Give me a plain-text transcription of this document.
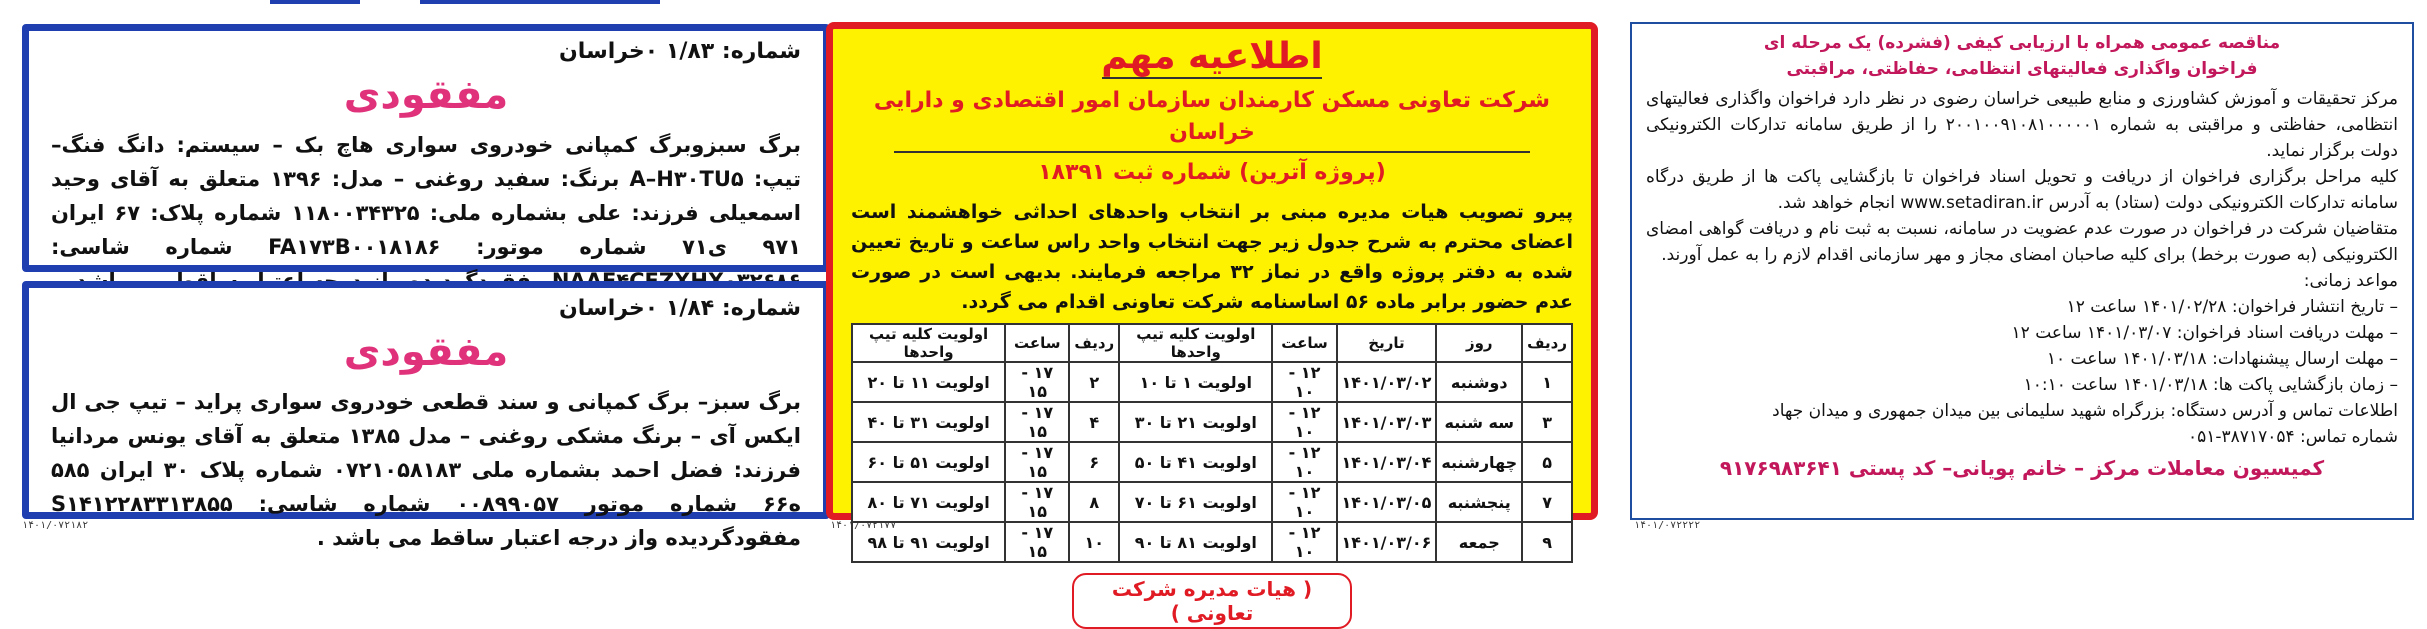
شماره: ۱/۸۳ ۰خراسان
مفقودی
برگ سبزوبرگ کمپانی خودروی سواری هاچ بک – سیستم: دانگ فنگ– تیپ: A–H۳۰TU۵ برنگ: سفید روغنی – مدل: ۱۳۹۶ متعلق به آقای وحید اسمعیلی فرزند: علی بشماره ملی: ۱۱۸۰۰۳۴۳۲۵ شماره پلاک: ۶۷ ایران ۹۷۱ ی۷۱ شماره موتور: FA۱۷۳B۰۰۱۸۱۸۶ شماره شاسی:
شماره: ۱/۸۴ ۰خراسان
مفقودی
برگ سبز– برگ کمپانی و سند قطعی خودروی سواری پراید – تیپ جی ال ایکس آی – برنگ مشکی روغنی – مدل ۱۳۸۵ متعلق به آقای یونس مردانیا فرزند: فضل احمد بشماره ملی ۰۷۲۱۰۵۸۱۸۳ شماره پلاک ۳۰ ایران ۵۸۵ ه۶۶ شماره موتور ۰۰۸۹۹۰۵۷ شماره شاسی: S۱۴۱۲۲۸۳۳۱۳۸۵۵ مفقودگردیده واز درجه اعتبار ساقط می باشد .
۱۴۰۱/۰۷۲۱۸۲
اطلاعیه مهم
شرکت تعاونی مسکن کارمندان سازمان امور اقتصادی و دارایی خراسان
(پروژه آترین) شماره ثبت ۱۸۳۹۱
پیرو تصویب هیات مدیره مبنی بر انتخاب واحدهای احداثی خواهشمند است اعضای محترم به شرح جدول زیر جهت انتخاب واحد راس ساعت و تاریخ تعیین شده به دفتر پروژه واقع در نماز ۳۲ مراجعه فرمایند. بدیهی است در صورت عدم حضور برابر ماده ۵۶ اساسنامه شرکت تعاونی اقدام می گردد.
ردیف	روز	تاریخ	ساعت	اولویت کلیه تیپ واحدها	ردیف	ساعت	اولویت کلیه تیپ واحدها
۱	دوشنبه	۱۴۰۱/۰۳/۰۲	۱۲ - ۱۰	اولویت ۱ تا ۱۰	۲	۱۷ - ۱۵	اولویت ۱۱ تا ۲۰
۳	سه شنبه	۱۴۰۱/۰۳/۰۳	۱۲ - ۱۰	اولویت ۲۱ تا ۳۰	۴	۱۷ - ۱۵	اولویت ۳۱ تا ۴۰
۵	چهارشنبه	۱۴۰۱/۰۳/۰۴	۱۲ - ۱۰	اولویت ۴۱ تا ۵۰	۶	۱۷ - ۱۵	اولویت ۵۱ تا ۶۰
۷	پنجشنبه	۱۴۰۱/۰۳/۰۵	۱۲ - ۱۰	اولویت ۶۱ تا ۷۰	۸	۱۷ - ۱۵	اولویت ۷۱ تا ۸۰
۹	جمعه	۱۴۰۱/۰۳/۰۶	۱۲ - ۱۰	اولویت ۸۱ تا ۹۰	۱۰	۱۷ - ۱۵	اولویت ۹۱ تا ۹۸
( هیات مدیره شرکت تعاونی )
۱۴۰۱/۰۷۲۱۷۷
مناقصه عمومی همراه با ارزیابی کیفی (فشرده) یک مرحله ای
فراخوان واگذاری فعالیتهای انتظامی، حفاظتی، مراقبتی
مرکز تحقیقات و آموزش کشاورزی و منابع طبیعی خراسان رضوی در نظر دارد فراخوان واگذاری فعالیتهای انتظامی، حفاظتی و مراقبتی به شماره ۲۰۰۱۰۰۹۱۰۸۱۰۰۰۰۰۱ را از طریق سامانه تدارکات الکترونیکی دولت برگزار نماید.
کلیه مراحل برگزاری فراخوان از دریافت و تحویل اسناد فراخوان تا بازگشایی پاکت ها از طریق درگاه سامانه تدارکات الکترونیکی دولت (ستاد) به آدرس www.setadiran.ir انجام خواهد شد.
متقاضیان شرکت در فراخوان در صورت عدم عضویت در سامانه، نسبت به ثبت نام و دریافت گواهی امضای الکترونیکی (به صورت برخط) برای کلیه صاحبان امضای مجاز و مهر سازمانی اقدام لازم را به عمل آورند.
مواعد زمانی:
– تاریخ انتشار فراخوان: ۱۴۰۱/۰۲/۲۸ ساعت ۱۲
– مهلت دریافت اسناد فراخوان: ۱۴۰۱/۰۳/۰۷ ساعت ۱۲
– مهلت ارسال پیشنهادات: ۱۴۰۱/۰۳/۱۸ ساعت ۱۰
– زمان بازگشایی پاکت ها: ۱۴۰۱/۰۳/۱۸ ساعت ۱۰:۱۰
اطلاعات تماس و آدرس دستگاه: بزرگراه شهید سلیمانی بین میدان جمهوری و میدان جهاد
شماره تماس: ۳۸۷۱۷۰۵۴-۰۵۱
کمیسیون معاملات مرکز – خانم پویانی– کد پستی ۹۱۷۶۹۸۳۶۴۱
۱۴۰۱/۰۷۲۲۲۲
